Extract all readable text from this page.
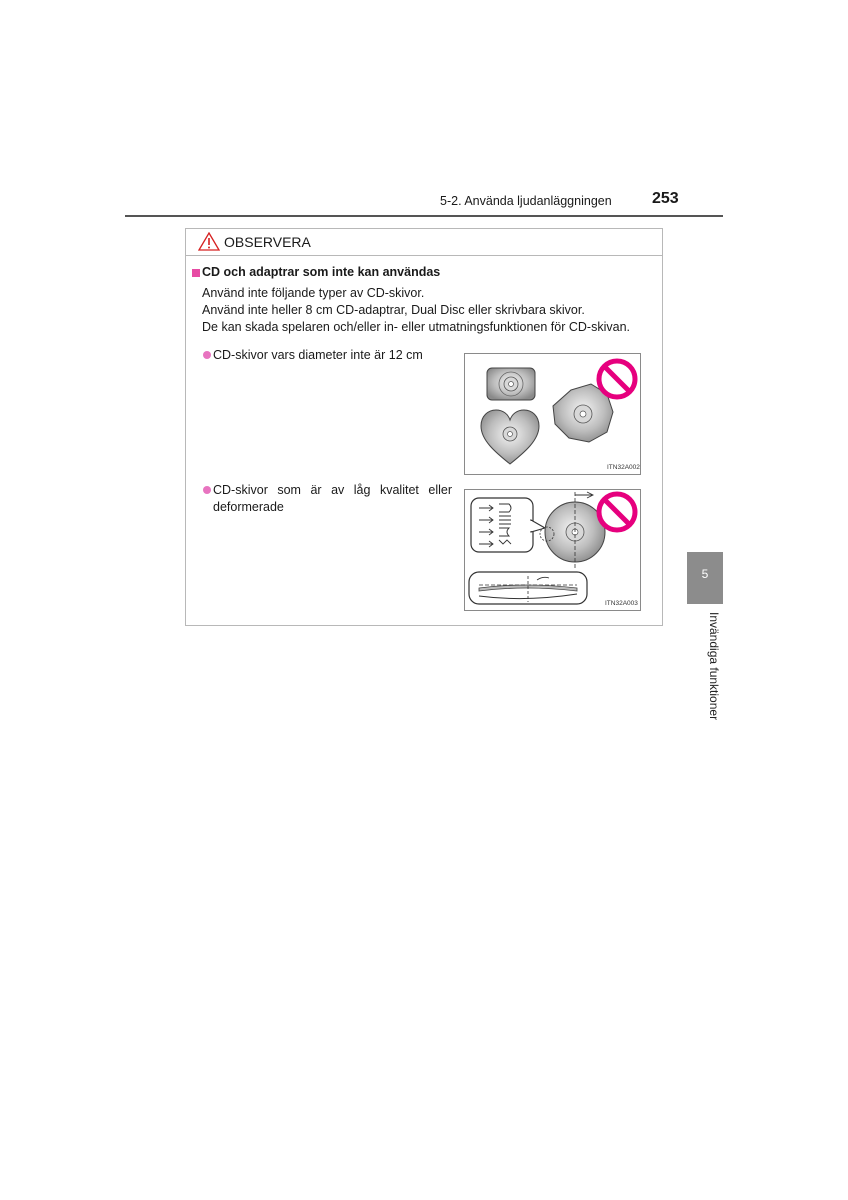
5-2. Använda ljudanläggningen	253
5
Invändiga funktioner
OBSERVERA
CD och adaptrar som inte kan användas
Använd inte följande typer av CD-skivor.
Använd inte heller 8 cm CD-adaptrar, Dual Disc eller skrivbara skivor.
De kan skada spelaren och/eller in- eller utmatningsfunktionen för CD-skivan.
CD-skivor vars diameter inte är 12 cm
CD-skivor som är av låg kvalitet eller
deformerade
ITN32A002
ITN32A003
